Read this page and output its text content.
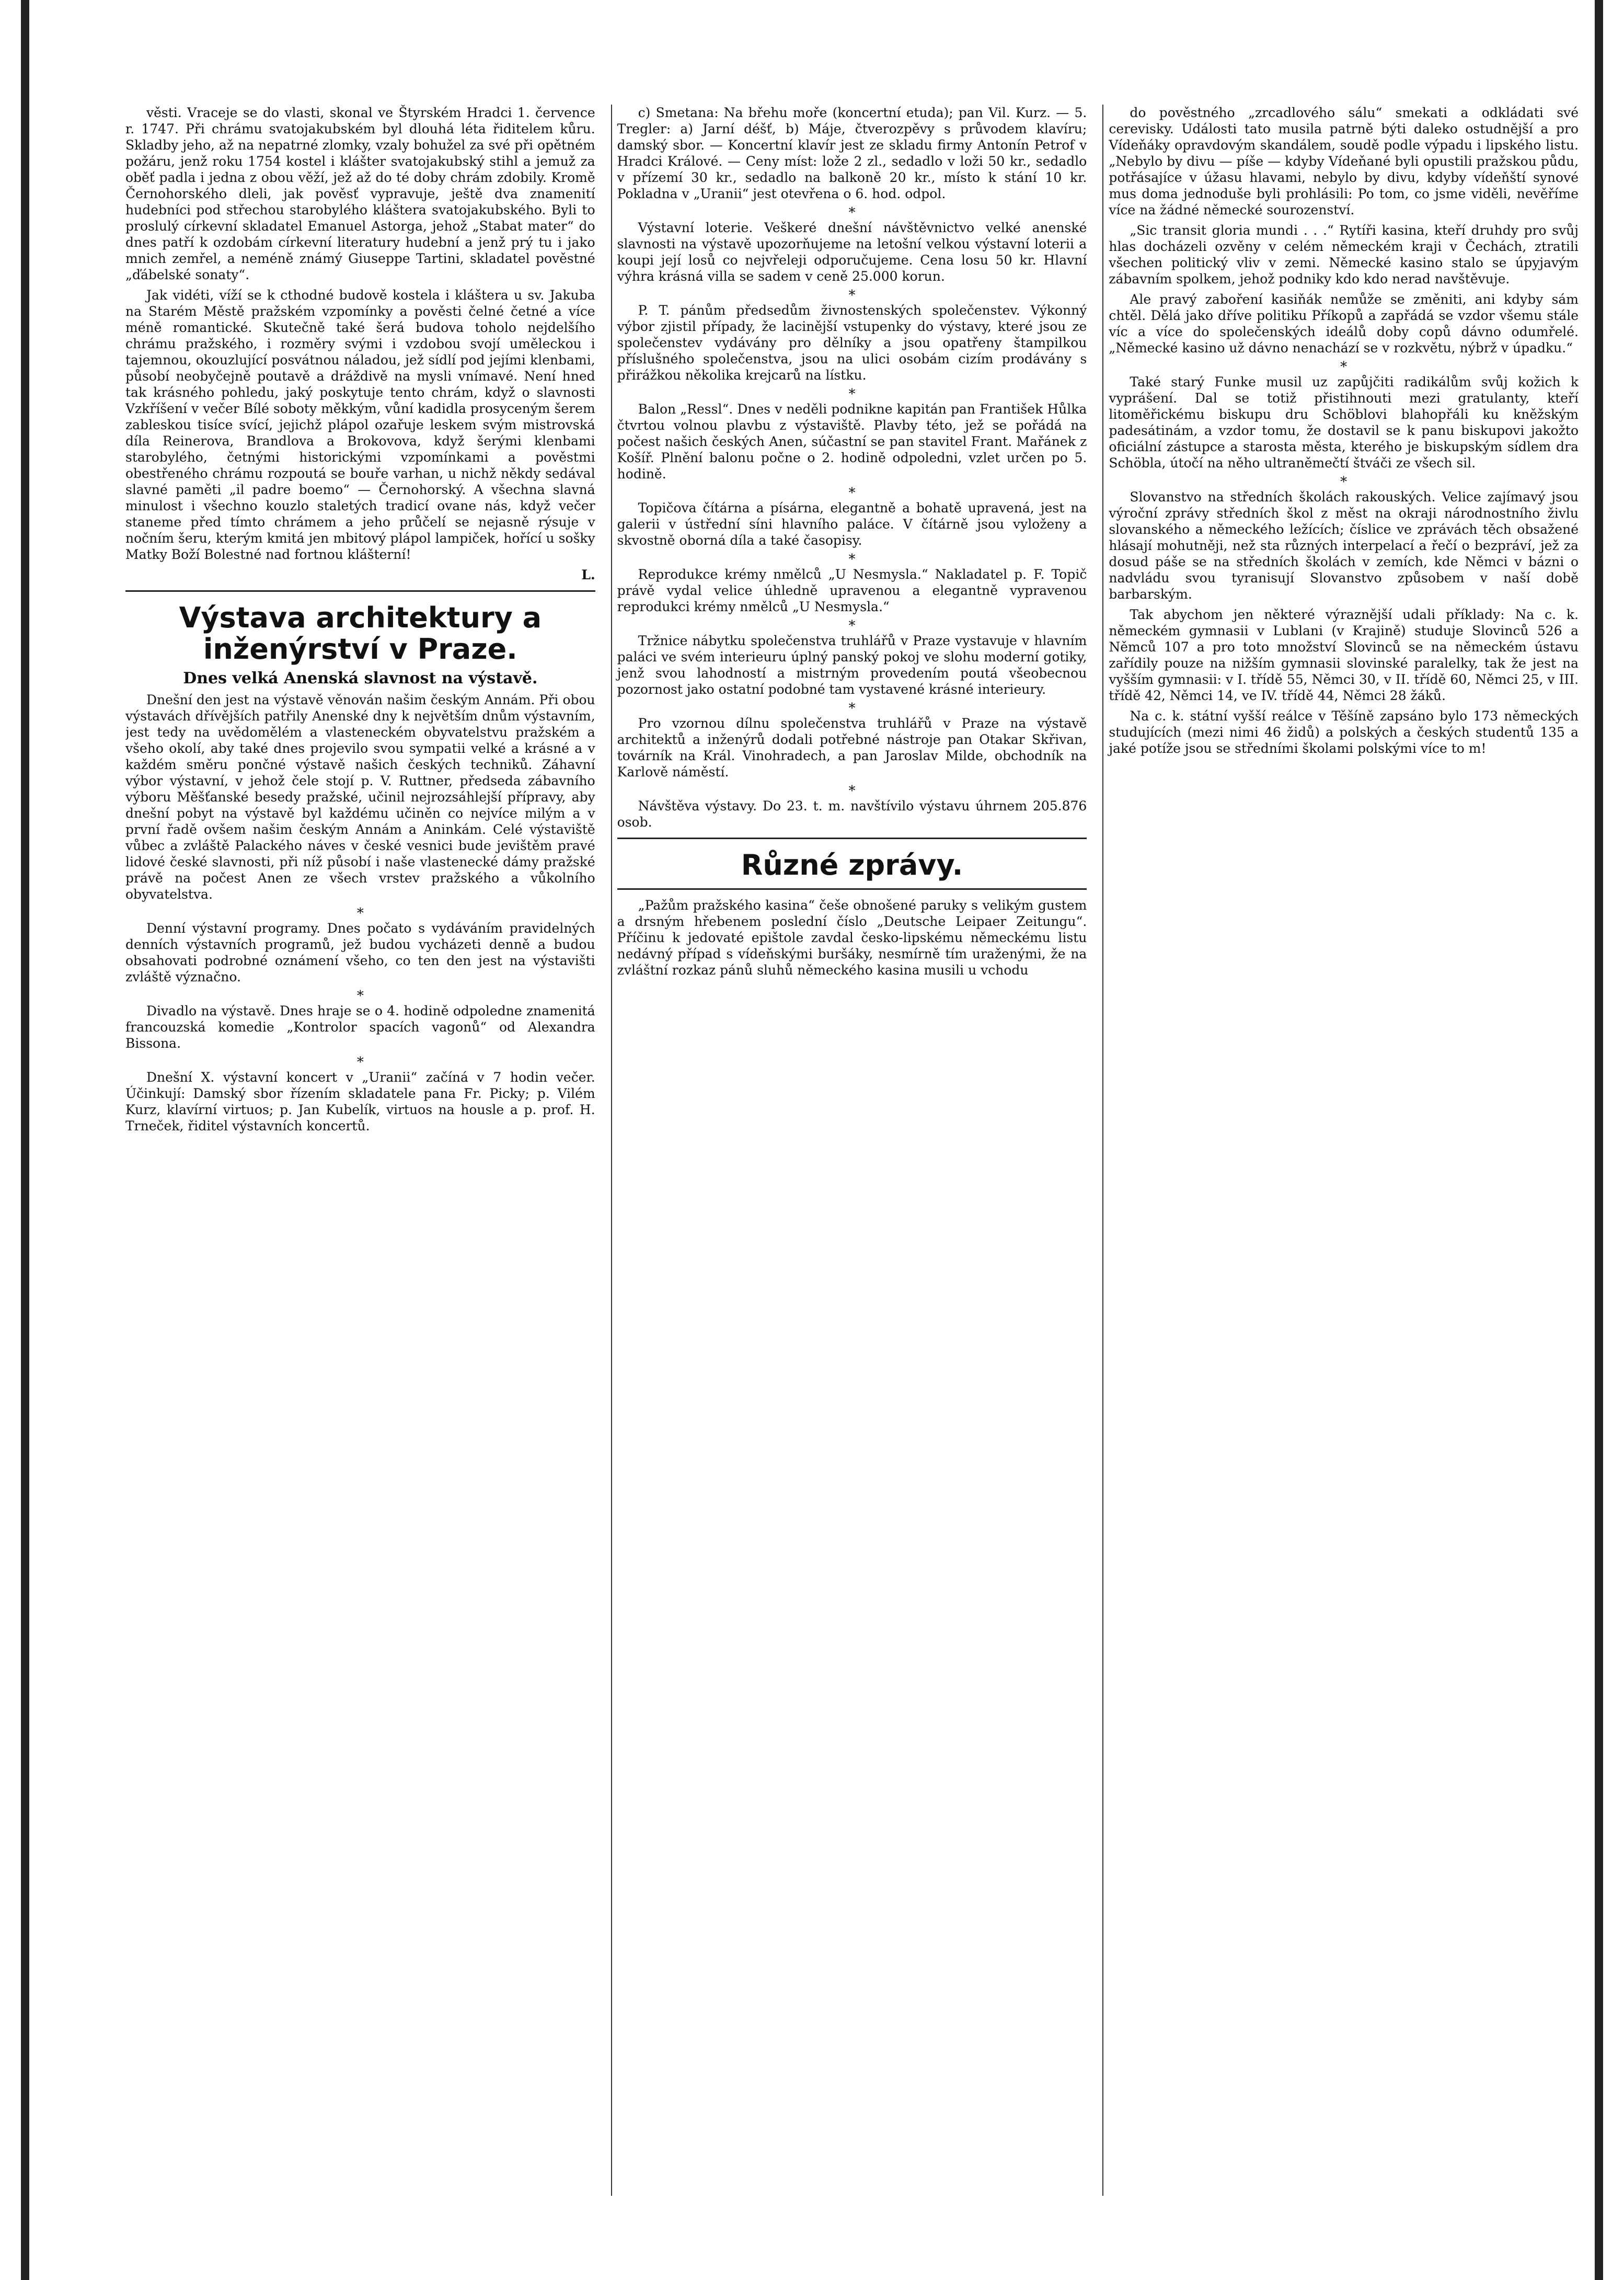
věsti. Vraceje se do vlasti, skonal ve Štyrském Hradci 1. července r. 1747. Při chrámu svatojakubském byl dlouhá léta řiditelem kůru. Skladby jeho, až na nepatrné zlomky, vzaly bohužel za své při opětném požáru, jenž roku 1754 kostel i klášter svatojakubský stihl a jemuž za oběť padla i jedna z obou věží, jež až do té doby chrám zdobily. Kromě Černohorského dleli, jak pověsť vypravuje, ještě dva znamenití hudebníci pod střechou starobylého kláštera svatojakubského. Byli to proslulý církevní skladatel Emanuel Astorga, jehož „Stabat mater“ do dnes patří k ozdobám církevní literatury hudební a jenž prý tu i jako mnich zemřel, a neméně známý Giuseppe Tartini, skladatel pověstné „ďábelské sonaty“.

Jak vidéti, víží se k cthodné budově kostela i kláštera u sv. Jakuba na Starém Městě pražském vzpomínky a pověsti čelné četné a více méně romantické. Skutečně také šerá budova toholo nejdelšího chrámu pražského, i rozměry svými i vzdobou svojí uměleckou i tajemnou, okouzlující posvátnou náladou, jež sídlí pod jejími klenbami, působí neobyčejně poutavě a dráždivě na mysli vnímavé. Není hned tak krásného pohledu, jaký poskytuje tento chrám, když o slavnosti Vzkříšení v večer Bílé soboty měkkým, vůní kadidla prosyceným šerem zableskou tisíce svící, jejichž plápol ozařuje leskem svým mistrovská díla Reinerova, Brandlova a Brokovova, když šerými klenbami starobylého, četnými historickými vzpomínkami a pověstmi obestřeného chrámu rozpoutá se bouře varhan, u nichž někdy sedával slavné paměti „il padre boemo“ — Černohorský. A všechna slavná minulost i všechno kouzlo staletých tradicí ovane nás, když večer staneme před tímto chrámem a jeho průčelí se nejasně rýsuje v nočním šeru, kterým kmitá jen mbitový plápol lampiček, hořící u sošky Matky Boží Bolestné nad fortnou klášterní!

L.
Výstava architektury a inženýrství v Praze.
Dnes velká Anenská slavnost na výstavě.

Dnešní den jest na výstavě věnován našim českým Annám. Při obou výstavách dřívějších patřily Anenské dny k největším dnům výstavním, jest tedy na uvědomělém a vlasteneckém obyvatelstvu pražském a všeho okolí, aby také dnes projevilo svou sympatii velké a krásné a v každém směru pončné výstavě našich českých techniků. Záhavní výbor výstavní, v jehož čele stojí p. V. Ruttner, předseda zábavního výboru Měšťanské besedy pražské, učinil nejrozsáhlejší přípravy, aby dnešní pobyt na výstavě byl každému učiněn co nejvíce milým a v první řadě ovšem našim českým Annám a Aninkám. Celé výstaviště vůbec a zvláště Palackého náves v české vesnici bude jevištěm pravé lidové české slavnosti, při níž působí i naše vlastenecké dámy pražské právě na počest Anen ze všech vrstev pražského a vůkolního obyvatelstva.

*

Denní výstavní programy. Dnes počato s vydáváním pravidelných denních výstavních programů, jež budou vycházeti denně a budou obsahovati podrobné oznámení všeho, co ten den jest na výstavišti zvláště význačno.

*

Divadlo na výstavě. Dnes hraje se o 4. hodině odpoledne znamenitá francouzská komedie „Kontrolor spacích vagonů“ od Alexandra Bissona.

*

Dnešní X. výstavní koncert v „Uranii“ začíná v 7 hodin večer. Účinkují: Damský sbor řízením skladatele pana Fr. Picky; p. Vilém Kurz, klavírní virtuos; p. Jan Kubelík, virtuos na housle a p. prof. H. Trneček, řiditel výstavních koncertů.

c) Smetana: Na břehu moře (koncertní etuda); pan Vil. Kurz. — 5. Tregler: a) Jarní déšť, b) Máje, čtverozpěvy s průvodem klavíru; damský sbor. — Koncertní klavír jest ze skladu firmy Antonín Petrof v Hradci Králové. — Ceny míst: lože 2 zl., sedadlo v loži 50 kr., sedadlo v přízemí 30 kr., sedadlo na balkoně 20 kr., místo k stání 10 kr. Pokladna v „Uranii“ jest otevřena o 6. hod. odpol.

*

Výstavní loterie. Veškeré dnešní návštěvnictvo velké anenské slavnosti na výstavě upozorňujeme na letošní velkou výstavní loterii a koupi její losů co nejvřeleji odporučujeme. Cena losu 50 kr. Hlavní výhra krásná villa se sadem v ceně 25.000 korun.

*

P. T. pánům předsedům živnostenských společenstev. Výkonný výbor zjistil případy, že lacinější vstupenky do výstavy, které jsou ze společenstev vydávány pro dělníky a jsou opatřeny štampilkou příslušného společenstva, jsou na ulici osobám cizím prodávány s přirážkou několika krejcarů na lístku.

*

Balon „Ressl“. Dnes v neděli podnikne kapitán pan František Hůlka čtvrtou volnou plavbu z výstaviště. Plavby této, jež se pořádá na počest našich českých Anen, súčastní se pan stavitel Frant. Mařánek z Košíř. Plnění balonu počne o 2. hodině odpoledni, vzlet určen po 5. hodině.

*

Topičova čítárna a písárna, elegantně a bohatě upravená, jest na galerii v ústřední síni hlavního paláce. V čítárně jsou vyloženy a skvostně oborná díla a také časopisy.

*

Reprodukce krémy nmělců „U Nesmysla.“ Nakladatel p. F. Topič právě vydal velice úhledně upravenou a elegantně vypravenou reprodukci krémy nmělců „U Nesmysla.“

*

Tržnice nábytku společenstva truhlářů v Praze vystavuje v hlavním paláci ve svém interieuru úplný panský pokoj ve slohu moderní gotiky, jenž svou lahodností a mistrným provedením poutá všeobecnou pozornost jako ostatní podobné tam vystavené krásné interieury.

*

Pro vzornou dílnu společenstva truhlářů v Praze na výstavě architektů a inženýrů dodali potřebné nástroje pan Otakar Skřivan, továrník na Král. Vinohradech, a pan Jaroslav Milde, obchodník na Karlově náměstí.

*

Návštěva výstavy. Do 23. t. m. navštívilo výstavu úhrnem 205.876 osob.

Různé zprávy.

„Pažům pražského kasina“ češe obnošené paruky s velikým gustem a drsným hřebenem poslední číslo „Deutsche Leipaer Zeitungu“. Příčinu k jedovaté epištole zavdal česko-lipskému německému listu nedávný případ s vídeňskými buršáky, nesmírně tím uraženými, že na zvláštní rozkaz pánů sluhů německého kasina musili u vchodu

do pověstného „zrcadlového sálu“ smekati a odkládati své cerevisky. Události tato musila patrně býti daleko ostudnější a pro Vídeňáky opravdovým skandálem, soudě podle výpadu i lipského listu. „Nebylo by divu — píše — kdyby Vídeňané byli opustili pražskou půdu, potřásajíce v úžasu hlavami, nebylo by divu, kdyby vídeňští synové mus doma jednoduše byli prohlásili: Po tom, co jsme viděli, nevěříme více na žádné německé sourozenství.

„Sic transit gloria mundi . . .“ Rytíři kasina, kteří druhdy pro svůj hlas docházeli ozvěny v celém německém kraji v Čechách, ztratili všechen politický vliv v zemi. Německé kasino stalo se úpyjavým zábavním spolkem, jehož podniky kdo kdo nerad navštěvuje.

Ale pravý zaboření kasiňák nemůže se změniti, ani kdyby sám chtěl. Dělá jako dříve politiku Příkopů a zapřádá se vzdor všemu stále víc a více do společenských ideálů doby copů dávno odumřelé. „Německé kasino už dávno nenachází se v rozkvětu, nýbrž v úpadku.“

*

Také starý Funke musil uz zapůjčiti radikálům svůj kožich k vyprášení. Dal se totiž přistihnouti mezi gratulanty, kteří litoměřickému biskupu dru Schöblovi blahopřáli ku kněžským padesátinám, a vzdor tomu, že dostavil se k panu biskupovi jakožto oficiální zástupce a starosta města, kterého je biskupským sídlem dra Schöbla, útočí na něho ultraněmečtí štváči ze všech sil.

*

Slovanstvo na středních školách rakouských. Velice zajímavý jsou výroční zprávy středních škol z měst na okraji národnostního živlu slovanského a německého ležících; číslice ve zprávách těch obsažené hlásají mohutněji, než sta různých interpelací a řečí o bezpráví, jež za dosud páše se na středních školách v zemích, kde Němci v bázni o nadvládu svou tyranisují Slovanstvo způsobem v naší době barbarským.

Tak abychom jen některé výraznější udali příklady: Na c. k. německém gymnasii v Lublani (v Krajině) studuje Slovinců 526 a Němců 107 a pro toto množství Slovinců se na německém ústavu zařídily pouze na nižším gymnasii slovinské paralelky, tak že jest na vyšším gymnasii: v I. třídě 55, Němci 30, v II. třídě 60, Němci 25, v III. třídě 42, Němci 14, ve IV. třídě 44, Němci 28 žáků.

Na c. k. státní vyšší reálce v Těšíně zapsáno bylo 173 německých studujících (mezi nimi 46 židů) a polských a českých studentů 135 a jaké potíže jsou se středními školami polskými více to m!
